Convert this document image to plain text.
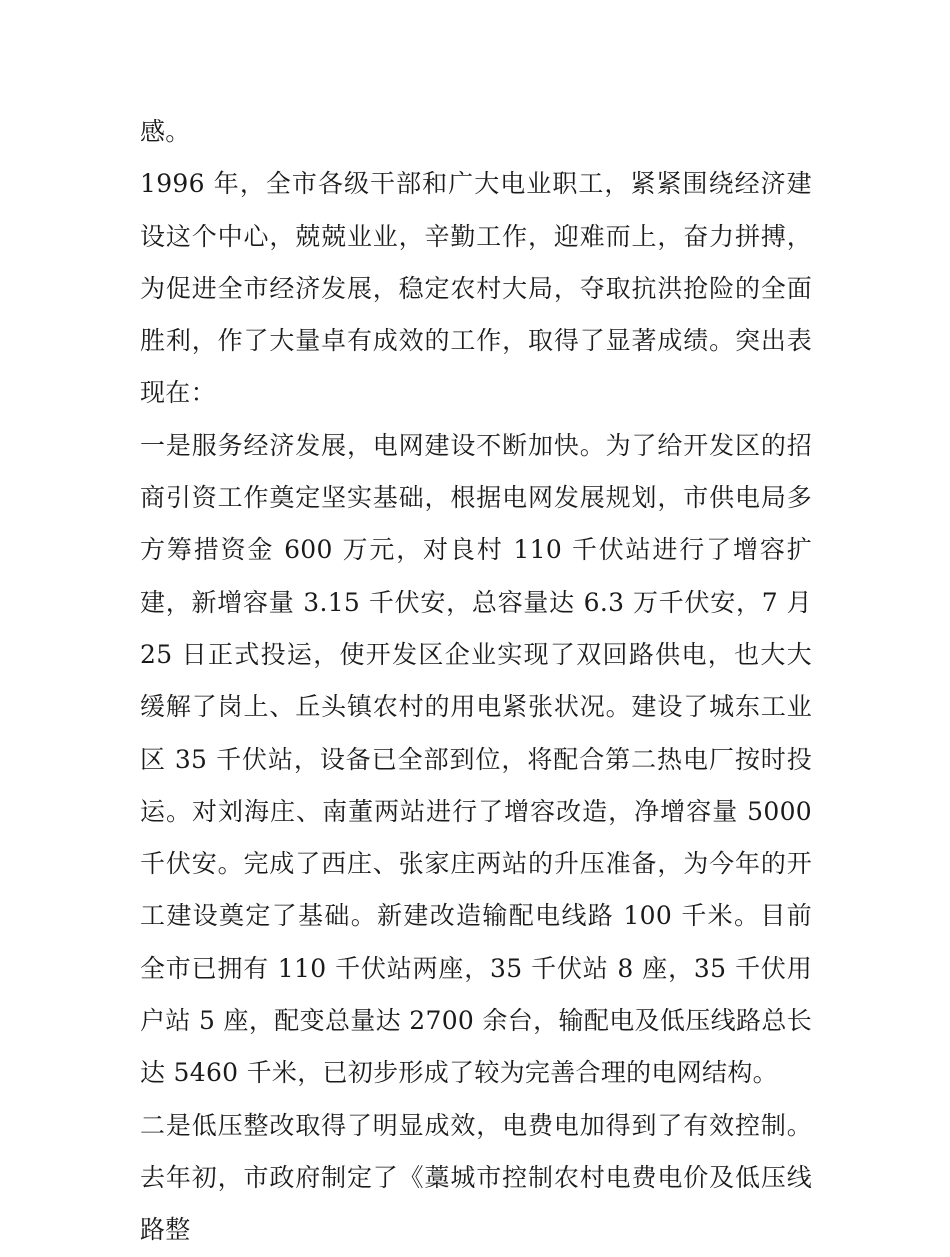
感。

1996 年，全市各级干部和广大电业职工，紧紧围绕经济建设这个中心，兢兢业业，辛勤工作，迎难而上，奋力拼搏，为促进全市经济发展，稳定农村大局，夺取抗洪抢险的全面胜利，作了大量卓有成效的工作，取得了显著成绩。突出表现在：

一是服务经济发展，电网建设不断加快。为了给开发区的招商引资工作奠定坚实基础，根据电网发展规划，市供电局多方筹措资金 600 万元，对良村 110 千伏站进行了增容扩建，新增容量 3.15 千伏安，总容量达 6.3 万千伏安，7 月 25 日正式投运，使开发区企业实现了双回路供电，也大大缓解了岗上、丘头镇农村的用电紧张状况。建设了城东工业区 35 千伏站，设备已全部到位，将配合第二热电厂按时投运。对刘海庄、南董两站进行了增容改造，净增容量 5000 千伏安。完成了西庄、张家庄两站的升压准备，为今年的开工建设奠定了基础。新建改造输配电线路 100 千米。目前全市已拥有 110 千伏站两座，35 千伏站 8 座，35 千伏用户站 5 座，配变总量达 2700 余台，输配电及低压线路总长达 5460 千米，已初步形成了较为完善合理的电网结构。

二是低压整改取得了明显成效，电费电加得到了有效控制。去年初，市政府制定了《藁城市控制农村电费电价及低压线路整
